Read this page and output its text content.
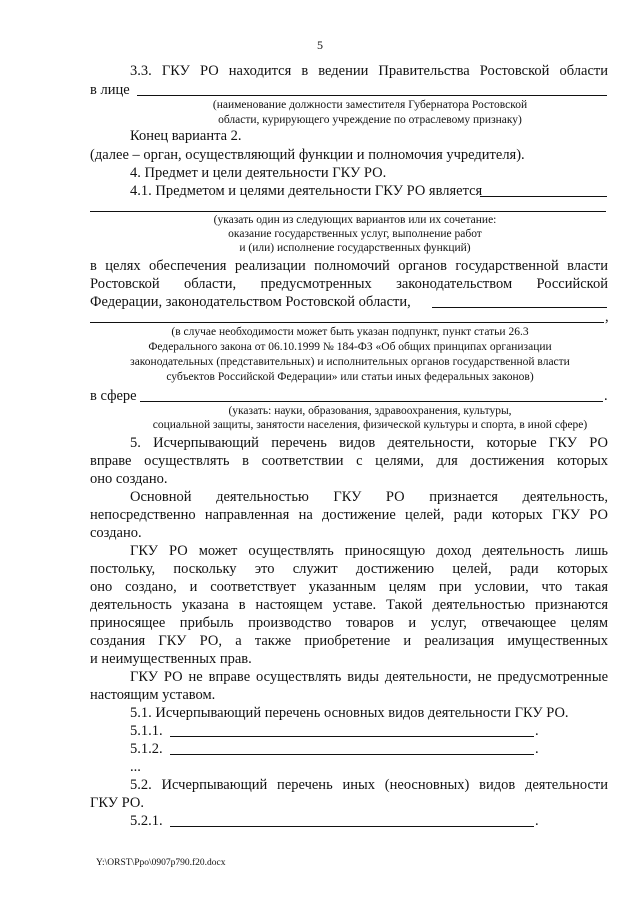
5
3.3. ГКУ РО находится в ведении Правительства Ростовской области
в лице
(наименование должности заместителя Губернатора Ростовской
области, курирующего учреждение по отраслевому признаку)
Конец варианта 2.
(далее – орган, осуществляющий функции и полномочия учредителя).
4. Предмет и цели деятельности ГКУ РО.
4.1. Предметом и целями деятельности ГКУ РО является
(указать один из следующих вариантов или их сочетание:
оказание государственных услуг, выполнение работ
и (или) исполнение государственных функций)
в целях обеспечения реализации полномочий органов государственной власти
Ростовской области, предусмотренных законодательством Российской
Федерации, законодательством Ростовской области,
,
(в случае необходимости может быть указан подпункт, пункт статьи 26.3
Федерального закона от 06.10.1999 № 184-ФЗ «Об общих принципах организации
законодательных (представительных) и исполнительных органов государственной власти
субъектов Российской Федерации» или статьи иных федеральных законов)
в сфере	.
(указать: науки, образования, здравоохранения, культуры,
социальной защиты, занятости населения, физической культуры и спорта, в иной сфере)
5. Исчерпывающий перечень видов деятельности, которые ГКУ РО
вправе осуществлять в соответствии с целями, для достижения которых
оно создано.
Основной деятельностью ГКУ РО признается деятельность,
непосредственно направленная на достижение целей, ради которых ГКУ РО
создано.
ГКУ РО может осуществлять приносящую доход деятельность лишь
постольку, поскольку это служит достижению целей, ради которых
оно создано, и соответствует указанным целям при условии, что такая
деятельность указана в настоящем уставе. Такой деятельностью признаются
приносящее прибыль производство товаров и услуг, отвечающее целям
создания ГКУ РО, а также приобретение и реализация имущественных
и неимущественных прав.
ГКУ РО не вправе осуществлять виды деятельности, не предусмотренные
настоящим уставом.
5.1. Исчерпывающий перечень основных видов деятельности ГКУ РО.
5.1.1.	.
5.1.2.	.
...
5.2. Исчерпывающий перечень иных (неосновных) видов деятельности
ГКУ РО.
5.2.1.	.
Y:\ORST\Ppo\0907p790.f20.docx
